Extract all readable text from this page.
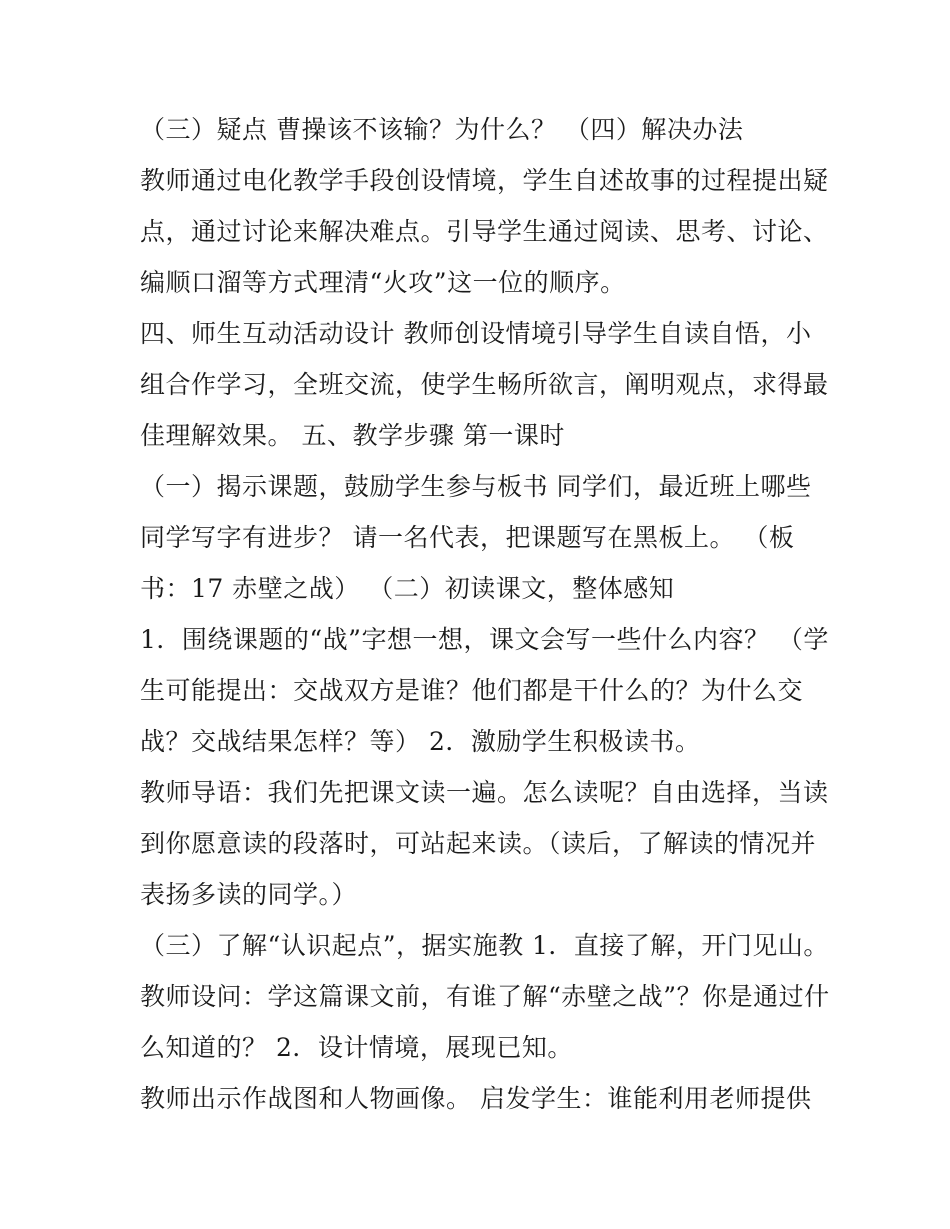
（三）疑点 曹操该不该输？为什么？ （四）解决办法
教师通过电化教学手段创设情境，学生自述故事的过程提出疑
点，通过讨论来解决难点。引导学生通过阅读、思考、讨论、
编顺口溜等方式理清“火攻”这一位的顺序。
四、师生互动活动设计 教师创设情境引导学生自读自悟，小
组合作学习，全班交流，使学生畅所欲言，阐明观点，求得最
佳理解效果。 五、教学步骤 第一课时
（一）揭示课题，鼓励学生参与板书 同学们，最近班上哪些
同学写字有进步？ 请一名代表，把课题写在黑板上。 （板
书：17 赤壁之战） （二）初读课文，整体感知
1．围绕课题的“战”字想一想，课文会写一些什么内容？ （学
生可能提出：交战双方是谁？他们都是干什么的？为什么交
战？交战结果怎样？等） 2．激励学生积极读书。
教师导语：我们先把课文读一遍。怎么读呢？自由选择，当读
到你愿意读的段落时，可站起来读。（读后，了解读的情况并
表扬多读的同学。）
（三）了解“认识起点”，据实施教 1．直接了解，开门见山。
教师设问：学这篇课文前，有谁了解“赤壁之战”？你是通过什
么知道的？ 2．设计情境，展现已知。
教师出示作战图和人物画像。 启发学生：谁能利用老师提供
